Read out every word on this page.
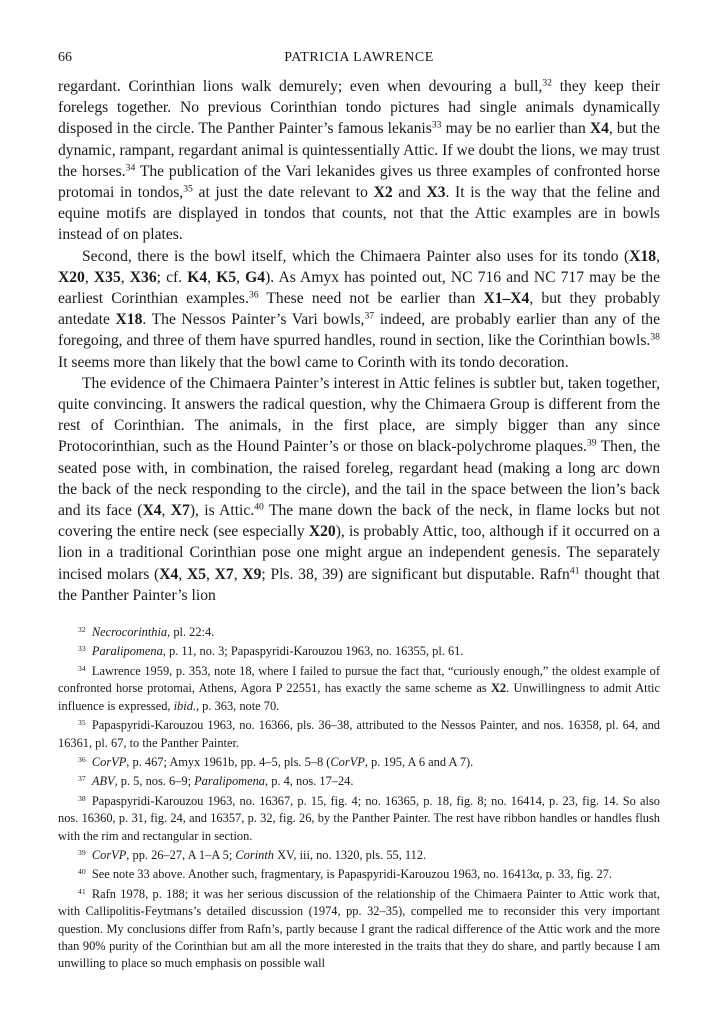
66	PATRICIA LAWRENCE

regardant. Corinthian lions walk demurely; even when devouring a bull,$^{32}$ they keep their forelegs together. No previous Corinthian tondo pictures had single animals dynamically disposed in the circle. The Panther Painter’s famous lekanis$^{33}$ may be no earlier than X4, but the dynamic, rampant, regardant animal is quintessentially Attic. If we doubt the lions, we may trust the horses.$^{34}$ The publication of the Vari lekanides gives us three examples of confronted horse protomai in tondos,$^{35}$ at just the date relevant to X2 and X3. It is the way that the feline and equine motifs are displayed in tondos that counts, not that the Attic examples are in bowls instead of on plates.

Second, there is the bowl itself, which the Chimaera Painter also uses for its tondo (X18, X20, X35, X36; cf. K4, K5, G4). As Amyx has pointed out, NC 716 and NC 717 may be the earliest Corinthian examples.$^{36}$ These need not be earlier than X1–X4, but they probably antedate X18. The Nessos Painter’s Vari bowls,$^{37}$ indeed, are probably earlier than any of the foregoing, and three of them have spurred handles, round in section, like the Corinthian bowls.$^{38}$ It seems more than likely that the bowl came to Corinth with its tondo decoration.

The evidence of the Chimaera Painter’s interest in Attic felines is subtler but, taken together, quite convincing. It answers the radical question, why the Chimaera Group is different from the rest of Corinthian. The animals, in the first place, are simply bigger than any since Protocorinthian, such as the Hound Painter’s or those on black-polychrome plaques.$^{39}$ Then, the seated pose with, in combination, the raised foreleg, regardant head (making a long arc down the back of the neck responding to the circle), and the tail in the space between the lion’s back and its face (X4, X7), is Attic.$^{40}$ The mane down the back of the neck, in flame locks but not covering the entire neck (see especially X20), is probably Attic, too, although if it occurred on a lion in a traditional Corinthian pose one might argue an independent genesis. The separately incised molars (X4, X5, X7, X9; Pls. 38, 39) are significant but disputable. Rafn$^{41}$ thought that the Panther Painter’s lion

$^{32}$  Necrocorinthia, pl. 22:4.

$^{33}$  Paralipomena, p. 11, no. 3; Papaspyridi-Karouzou 1963, no. 16355, pl. 61.

$^{34}$  Lawrence 1959, p. 353, note 18, where I failed to pursue the fact that, “curiously enough,” the oldest example of confronted horse protomai, Athens, Agora P 22551, has exactly the same scheme as X2. Unwillingness to admit Attic influence is expressed, ibid., p. 363, note 70.

$^{35}$  Papaspyridi-Karouzou 1963, no. 16366, pls. 36–38, attributed to the Nessos Painter, and nos. 16358, pl. 64, and 16361, pl. 67, to the Panther Painter.

$^{36}$  CorVP, p. 467; Amyx 1961b, pp. 4–5, pls. 5–8 (CorVP, p. 195, A 6 and A 7).

$^{37}$  ABV, p. 5, nos. 6–9; Paralipomena, p. 4, nos. 17–24.

$^{38}$  Papaspyridi-Karouzou 1963, no. 16367, p. 15, fig. 4; no. 16365, p. 18, fig. 8; no. 16414, p. 23, fig. 14. So also nos. 16360, p. 31, fig. 24, and 16357, p. 32, fig. 26, by the Panther Painter. The rest have ribbon handles or handles flush with the rim and rectangular in section.

$^{39}$  CorVP, pp. 26–27, A 1–A 5; Corinth XV, iii, no. 1320, pls. 55, 112.

$^{40}$  See note 33 above. Another such, fragmentary, is Papaspyridi-Karouzou 1963, no. 16413α, p. 33, fig. 27.

$^{41}$  Rafn 1978, p. 188; it was her serious discussion of the relationship of the Chimaera Painter to Attic work that, with Callipolitis-Feytmans’s detailed discussion (1974, pp. 32–35), compelled me to reconsider this very important question. My conclusions differ from Rafn’s, partly because I grant the radical difference of the Attic work and the more than 90% purity of the Corinthian but am all the more interested in the traits that they do share, and partly because I am unwilling to place so much emphasis on possible wall
